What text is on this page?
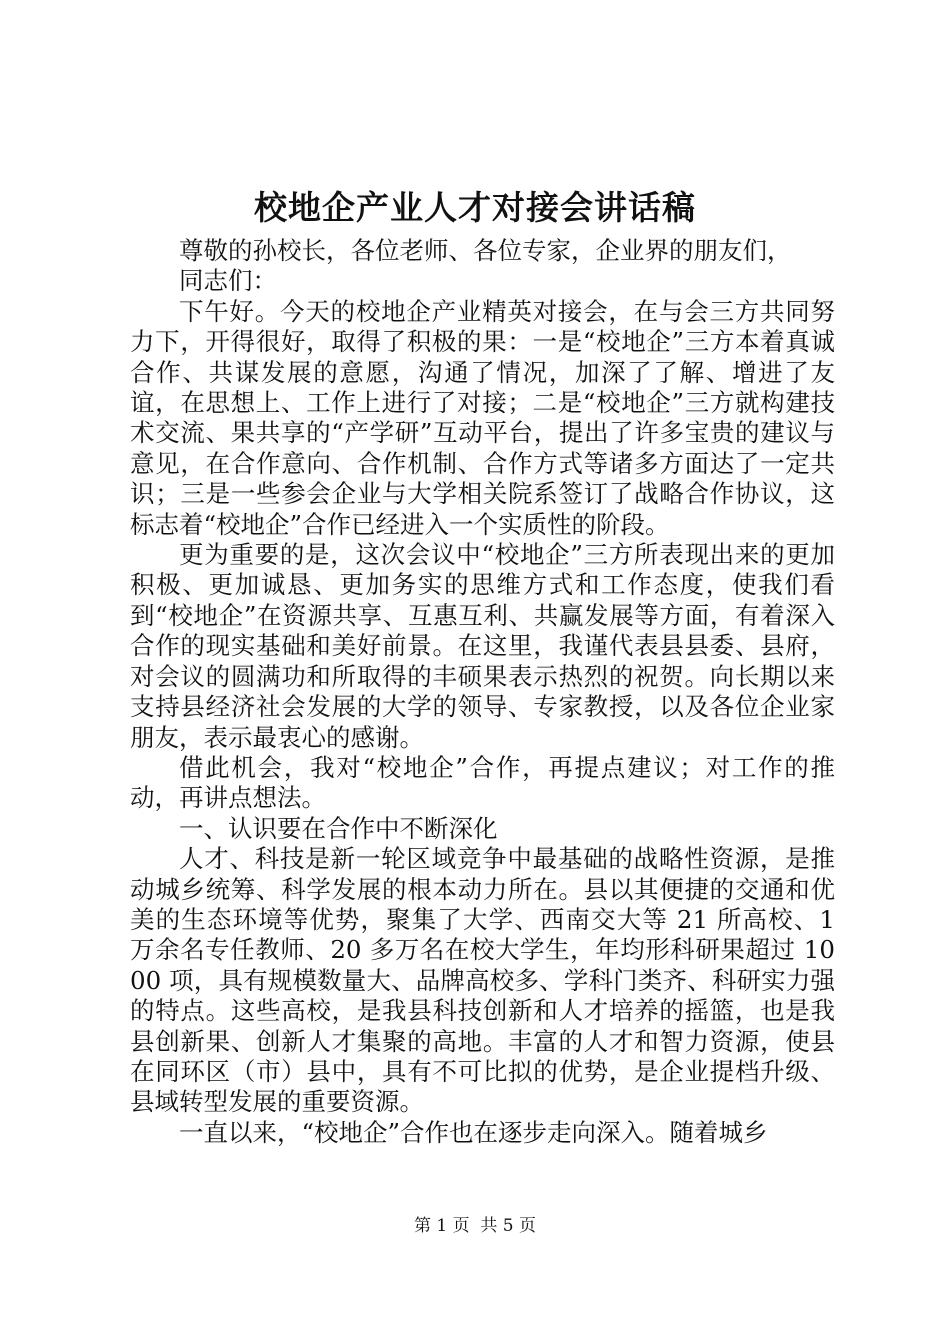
校地企产业人才对接会讲话稿

尊敬的孙校长，各位老师、各位专家，企业界的朋友们，

同志们：

下午好。今天的校地企产业精英对接会，在与会三方共同努力下，开得很好，取得了积极的果：一是“校地企”三方本着真诚合作、共谋发展的意愿，沟通了情况，加深了了解、增进了友谊，在思想上、工作上进行了对接；二是“校地企”三方就构建技术交流、果共享的“产学研”互动平台，提出了许多宝贵的建议与意见，在合作意向、合作机制、合作方式等诸多方面达了一定共识；三是一些参会企业与大学相关院系签订了战略合作协议，这标志着“校地企”合作已经进入一个实质性的阶段。

更为重要的是，这次会议中“校地企”三方所表现出来的更加积极、更加诚恳、更加务实的思维方式和工作态度，使我们看到“校地企”在资源共享、互惠互利、共赢发展等方面，有着深入合作的现实基础和美好前景。在这里，我谨代表县县委、县府，对会议的圆满功和所取得的丰硕果表示热烈的祝贺。向长期以来支持县经济社会发展的大学的领导、专家教授，以及各位企业家朋友，表示最衷心的感谢。

借此机会，我对“校地企”合作，再提点建议；对工作的推动，再讲点想法。

一、认识要在合作中不断深化

人才、科技是新一轮区域竞争中最基础的战略性资源，是推动城乡统筹、科学发展的根本动力所在。县以其便捷的交通和优美的生态环境等优势，聚集了大学、西南交大等 21 所高校、1 万余名专任教师、20 多万名在校大学生，年均形科研果超过 1000 项，具有规模数量大、品牌高校多、学科门类齐、科研实力强的特点。这些高校，是我县科技创新和人才培养的摇篮，也是我县创新果、创新人才集聚的高地。丰富的人才和智力资源，使县在同环区（市）县中，具有不可比拟的优势，是企业提档升级、县域转型发展的重要资源。

一直以来，“校地企”合作也在逐步走向深入。随着城乡

第 1 页 共 5 页
